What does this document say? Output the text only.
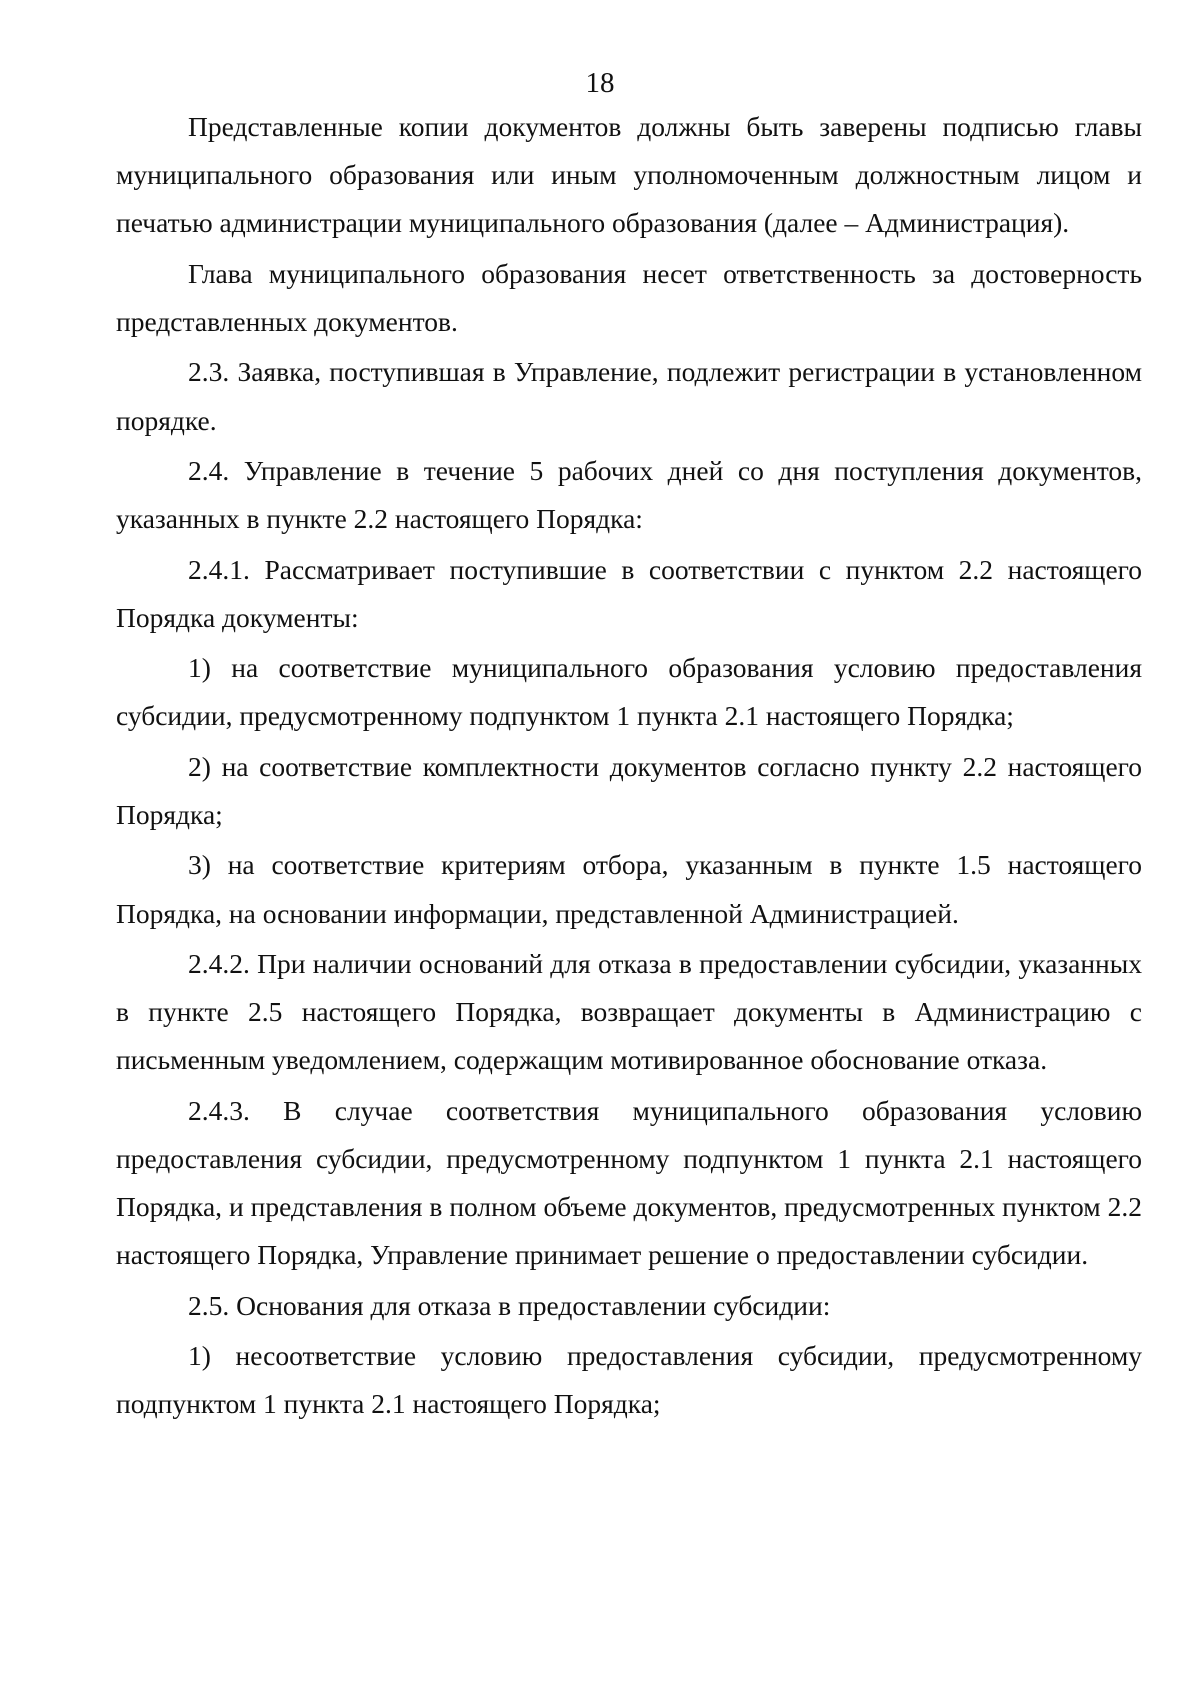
18

Представленные копии документов должны быть заверены подписью главы муниципального образования или иным уполномоченным должностным лицом и печатью администрации муниципального образования (далее – Администрация).

Глава муниципального образования несет ответственность за достоверность представленных документов.

2.3. Заявка, поступившая в Управление, подлежит регистрации в установленном порядке.

2.4. Управление в течение 5 рабочих дней со дня поступления документов, указанных в пункте 2.2 настоящего Порядка:

2.4.1. Рассматривает поступившие в соответствии с пунктом 2.2 настоящего Порядка документы:

1) на соответствие муниципального образования условию предоставления субсидии, предусмотренному подпунктом 1 пункта 2.1 настоящего Порядка;

2) на соответствие комплектности документов согласно пункту 2.2 настоящего Порядка;

3) на соответствие критериям отбора, указанным в пункте 1.5 настоящего Порядка, на основании информации, представленной Администрацией.

2.4.2. При наличии оснований для отказа в предоставлении субсидии, указанных в пункте 2.5 настоящего Порядка, возвращает документы в Администрацию с письменным уведомлением, содержащим мотивированное обоснование отказа.

2.4.3. В случае соответствия муниципального образования условию предоставления субсидии, предусмотренному подпунктом 1 пункта 2.1 настоящего Порядка, и представления в полном объеме документов, предусмотренных пунктом 2.2 настоящего Порядка, Управление принимает решение о предоставлении субсидии.

2.5. Основания для отказа в предоставлении субсидии:

1) несоответствие условию предоставления субсидии, предусмотренному подпунктом 1 пункта 2.1 настоящего Порядка;
